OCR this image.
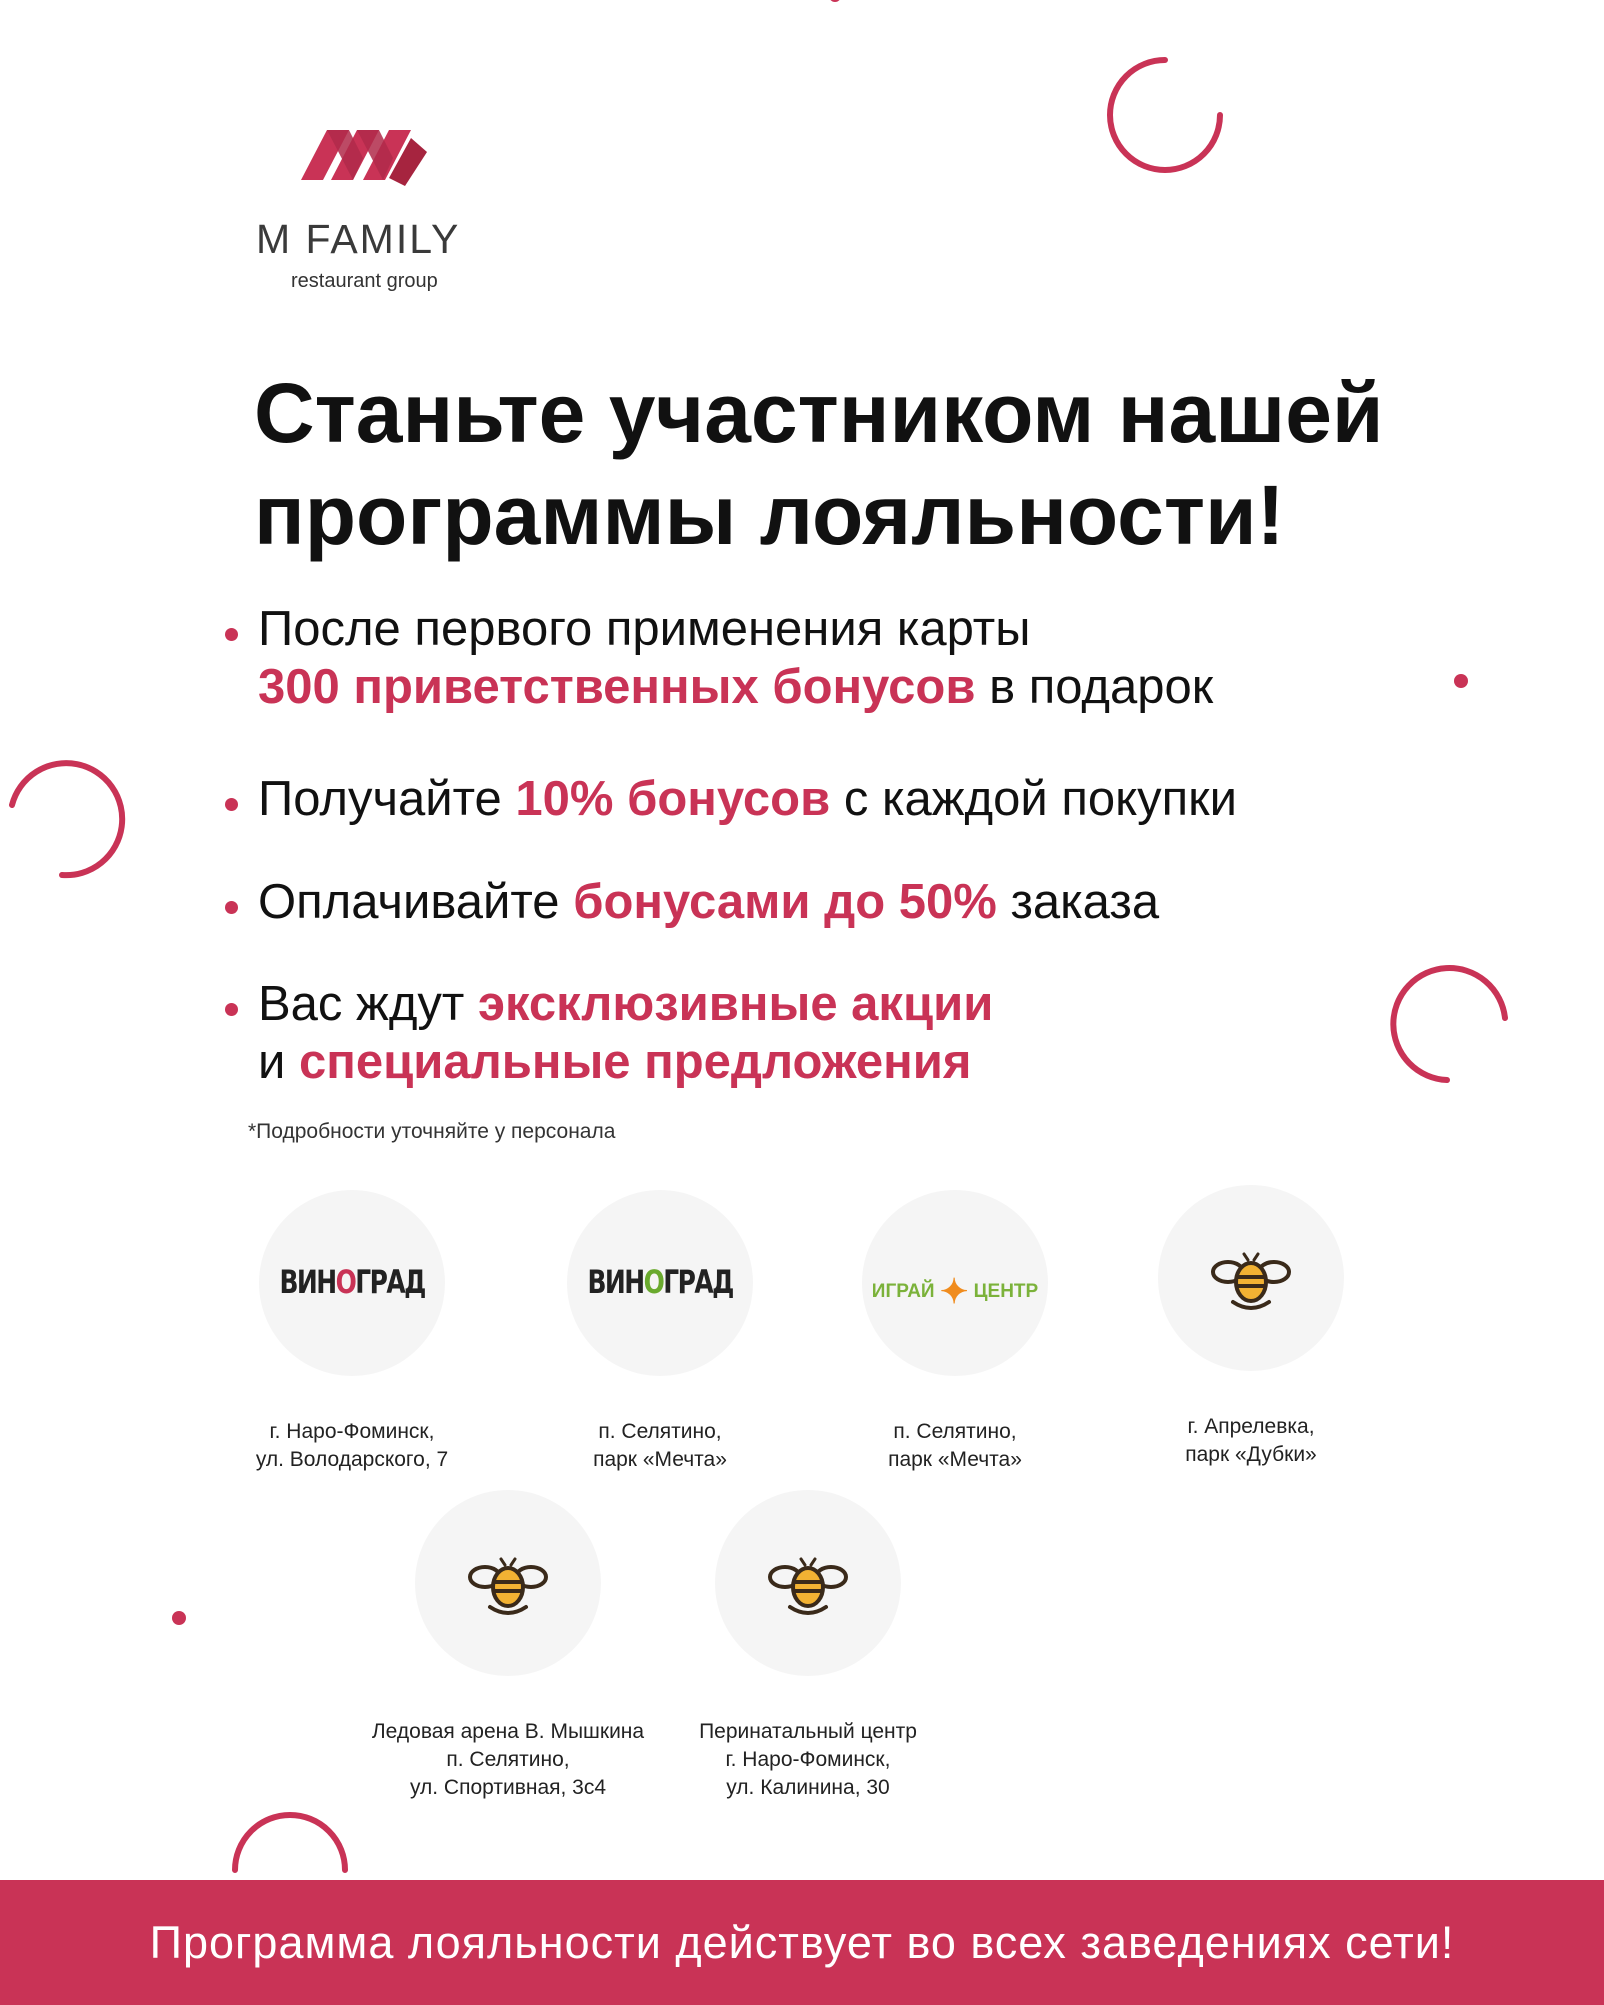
M FAMILY
restaurant group
Станьте участником нашей
программы лояльности!
После первого применения карты
300 приветственных бонусов в подарок
Получайте 10% бонусов с каждой покупки
Оплачивайте бонусами до 50% заказа
Вас ждут эксклюзивные акции
и специальные предложения
*Подробности уточняйте у персонала
ВИНОГРАД
г. Наро-Фоминск,
ул. Володарского, 7
ВИНОГРАД
п. Селятино,
парк «Мечта»
ИГРАЙ ✦ ЦЕНТР
п. Селятино,
парк «Мечта»
г. Апрелевка,
парк «Дубки»
Ледовая арена В. Мышкина
п. Селятино,
ул. Спортивная, 3с4
Перинатальный центр
г. Наро-Фоминск,
ул. Калинина, 30
Программа лояльности действует во всех заведениях сети!
